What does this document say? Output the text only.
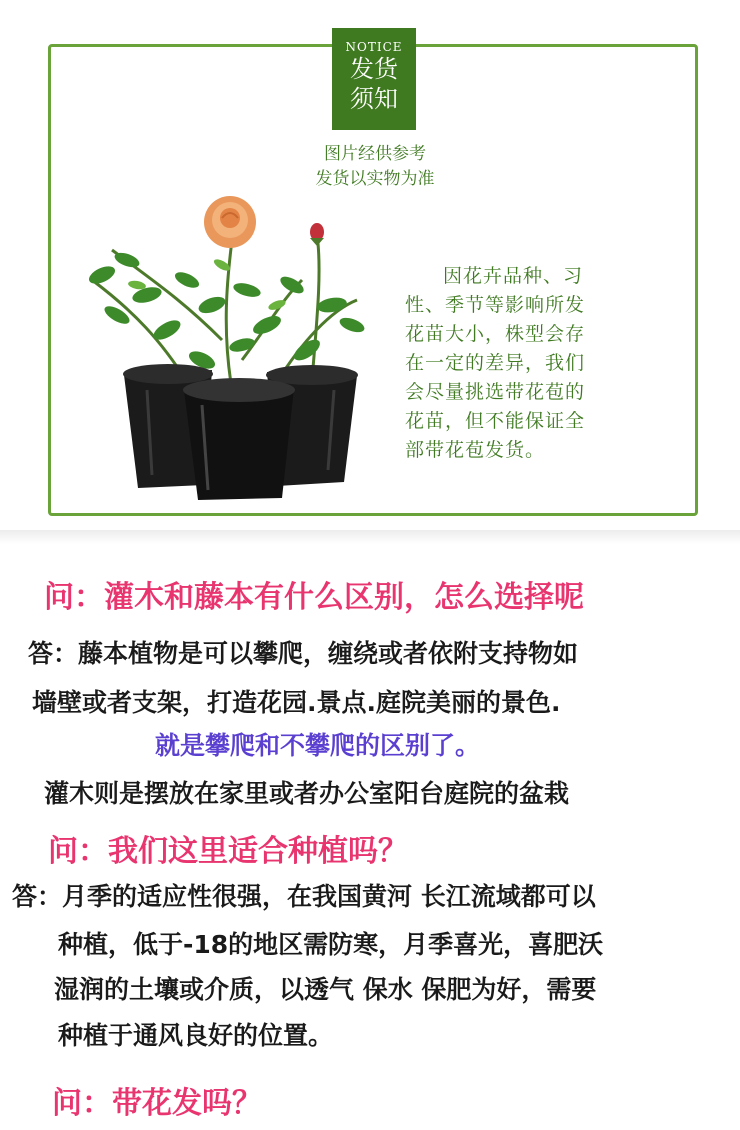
NOTICE
发货
须知
图片经供参考
发货以实物为准
因花卉品种、习
性、季节等影响所发
花苗大小，株型会存
在一定的差异，我们
会尽量挑选带花苞的
花苗，但不能保证全
部带花苞发货。
问：灌木和藤本有什么区别，怎么选择呢
答：藤本植物是可以攀爬，缠绕或者依附支持物如
墙壁或者支架，打造花园.景点.庭院美丽的景色.
就是攀爬和不攀爬的区别了。
灌木则是摆放在家里或者办公室阳台庭院的盆栽
问：我们这里适合种植吗？
答：月季的适应性很强，在我国黄河 长江流域都可以
种植，低于-18的地区需防寒，月季喜光，喜肥沃
湿润的土壤或介质，以透气 保水 保肥为好，需要
种植于通风良好的位置。
问：带花发吗？
